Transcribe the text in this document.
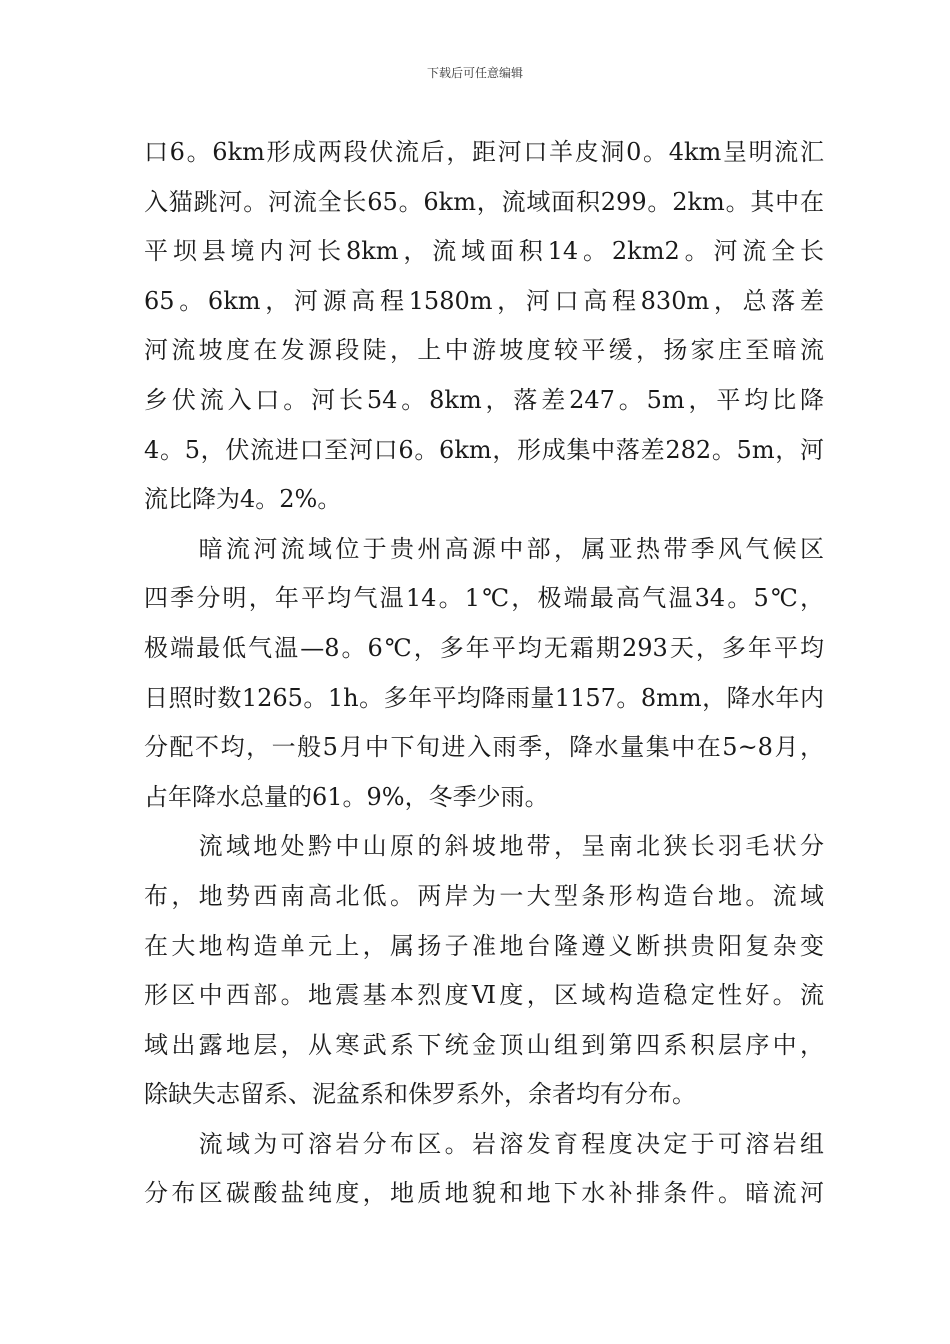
下载后可任意编辑
口6。6km形成两段伏流后，距河口羊皮洞0。4km呈明流汇
入猫跳河。河流全长65。6km，流域面积299。2km。其中在
平坝县境内河长8km，流域面积14。2km2。河流全长
65。6km，河源高程1580m，河口高程830m，总落差
河流坡度在发源段陡，上中游坡度较平缓，扬家庄至暗流
乡伏流入口。河长54。8km，落差247。5m，平均比降
4。5，伏流进口至河口6。6km，形成集中落差282。5m，河
流比降为4。2%。
　　暗流河流域位于贵州高源中部，属亚热带季风气候区
四季分明，年平均气温14。1℃，极端最高气温34。5℃，
极端最低气温—8。6℃，多年平均无霜期293天，多年平均
日照时数1265。1h。多年平均降雨量1157。8mm，降水年内
分配不均，一般5月中下旬进入雨季，降水量集中在5~8月，
占年降水总量的61。9%，冬季少雨。
　　流域地处黔中山原的斜坡地带，呈南北狭长羽毛状分
布，地势西南高北低。两岸为一大型条形构造台地。流域
在大地构造单元上，属扬子准地台隆遵义断拱贵阳复杂变
形区中西部。地震基本烈度Ⅵ度，区域构造稳定性好。流
域出露地层，从寒武系下统金顶山组到第四系积层序中，
除缺失志留系、泥盆系和侏罗系外，余者均有分布。
　　流域为可溶岩分布区。岩溶发育程度决定于可溶岩组
分布区碳酸盐纯度，地质地貌和地下水补排条件。暗流河
